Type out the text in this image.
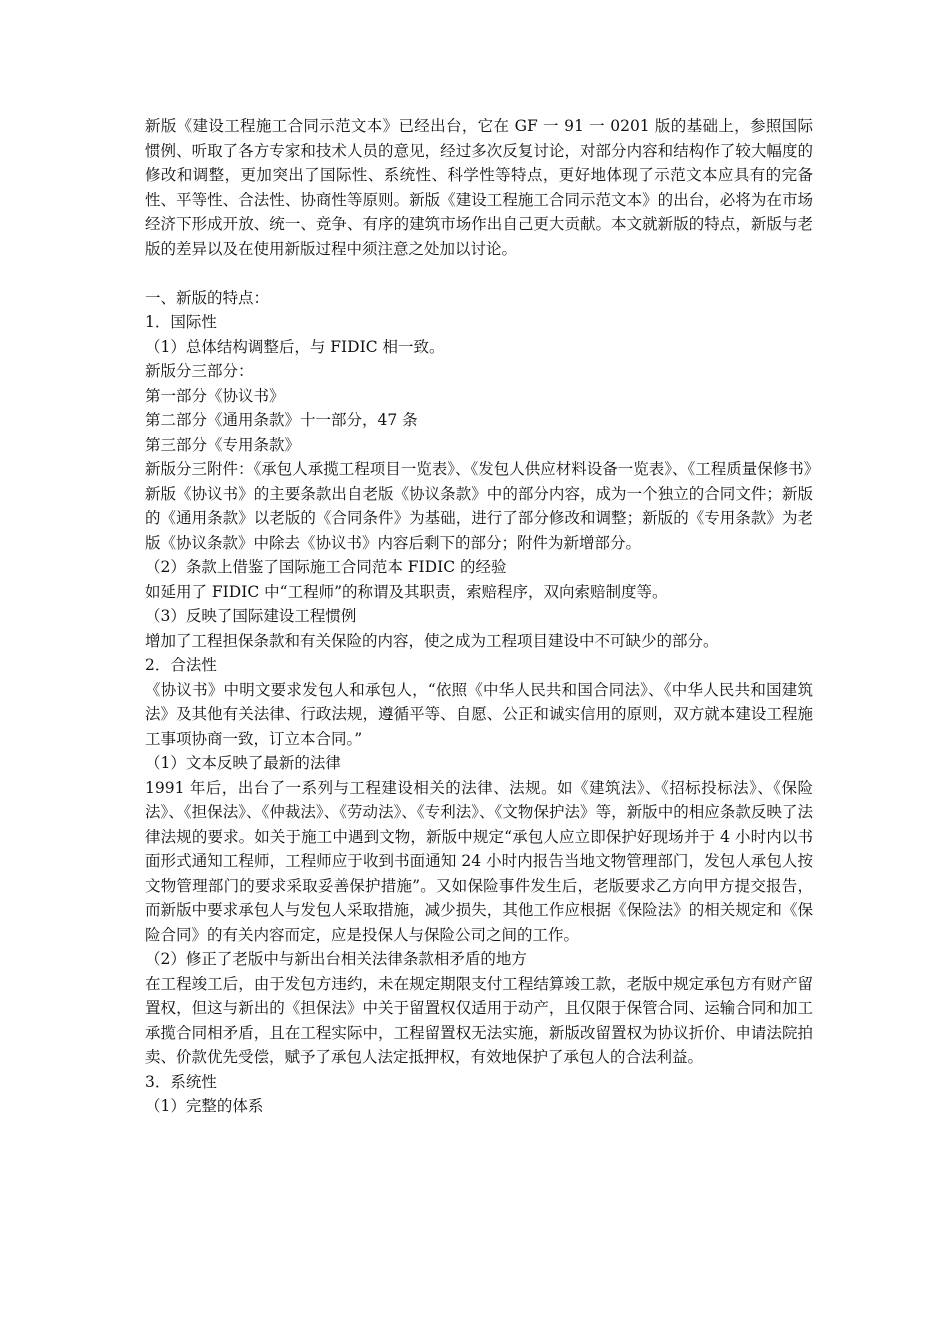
新版《建设工程施工合同示范文本》已经出台，它在 GF 一 91 一 0201 版的基础上，参照国际惯例、听取了各方专家和技术人员的意见，经过多次反复讨论，对部分内容和结构作了较大幅度的修改和调整，更加突出了国际性、系统性、科学性等特点，更好地体现了示范文本应具有的完备性、平等性、合法性、协商性等原则。新版《建设工程施工合同示范文本》的出台，必将为在市场经济下形成开放、统一、竞争、有序的建筑市场作出自己更大贡献。本文就新版的特点，新版与老版的差异以及在使用新版过程中须注意之处加以讨论。

一、新版的特点：

1．国际性

（1）总体结构调整后，与 FIDIC 相一致。

新版分三部分：

第一部分《协议书》

第二部分《通用条款》十一部分，47 条

第三部分《专用条款》

新版分三附件：《承包人承揽工程项目一览表》、《发包人供应材料设备一览表》、《工程质量保修书》

新版《协议书》的主要条款出自老版《协议条款》中的部分内容，成为一个独立的合同文件；新版的《通用条款》以老版的《合同条件》为基础，进行了部分修改和调整；新版的《专用条款》为老版《协议条款》中除去《协议书》内容后剩下的部分；附件为新增部分。

（2）条款上借鉴了国际施工合同范本 FIDIC 的经验

如延用了 FIDIC 中“工程师”的称谓及其职责，索赔程序，双向索赔制度等。

（3）反映了国际建设工程惯例

增加了工程担保条款和有关保险的内容，使之成为工程项目建设中不可缺少的部分。

2．合法性

《协议书》中明文要求发包人和承包人，“依照《中华人民共和国合同法》、《中华人民共和国建筑法》及其他有关法律、行政法规，遵循平等、自愿、公正和诚实信用的原则，双方就本建设工程施工事项协商一致，订立本合同。”

（1）文本反映了最新的法律

1991 年后，出台了一系列与工程建设相关的法律、法规。如《建筑法》、《招标投标法》、《保险法》、《担保法》、《仲裁法》、《劳动法》、《专利法》、《文物保护法》等，新版中的相应条款反映了法律法规的要求。如关于施工中遇到文物，新版中规定“承包人应立即保护好现场并于 4 小时内以书面形式通知工程师，工程师应于收到书面通知 24 小时内报告当地文物管理部门，发包人承包人按文物管理部门的要求采取妥善保护措施”。又如保险事件发生后，老版要求乙方向甲方提交报告，而新版中要求承包人与发包人采取措施，减少损失，其他工作应根据《保险法》的相关规定和《保险合同》的有关内容而定，应是投保人与保险公司之间的工作。

（2）修正了老版中与新出台相关法律条款相矛盾的地方

在工程竣工后，由于发包方违约，未在规定期限支付工程结算竣工款，老版中规定承包方有财产留置权，但这与新出的《担保法》中关于留置权仅适用于动产，且仅限于保管合同、运输合同和加工承揽合同相矛盾，且在工程实际中，工程留置权无法实施，新版改留置权为协议折价、申请法院拍卖、价款优先受偿，赋予了承包人法定抵押权，有效地保护了承包人的合法利益。

3．系统性

（1）完整的体系
